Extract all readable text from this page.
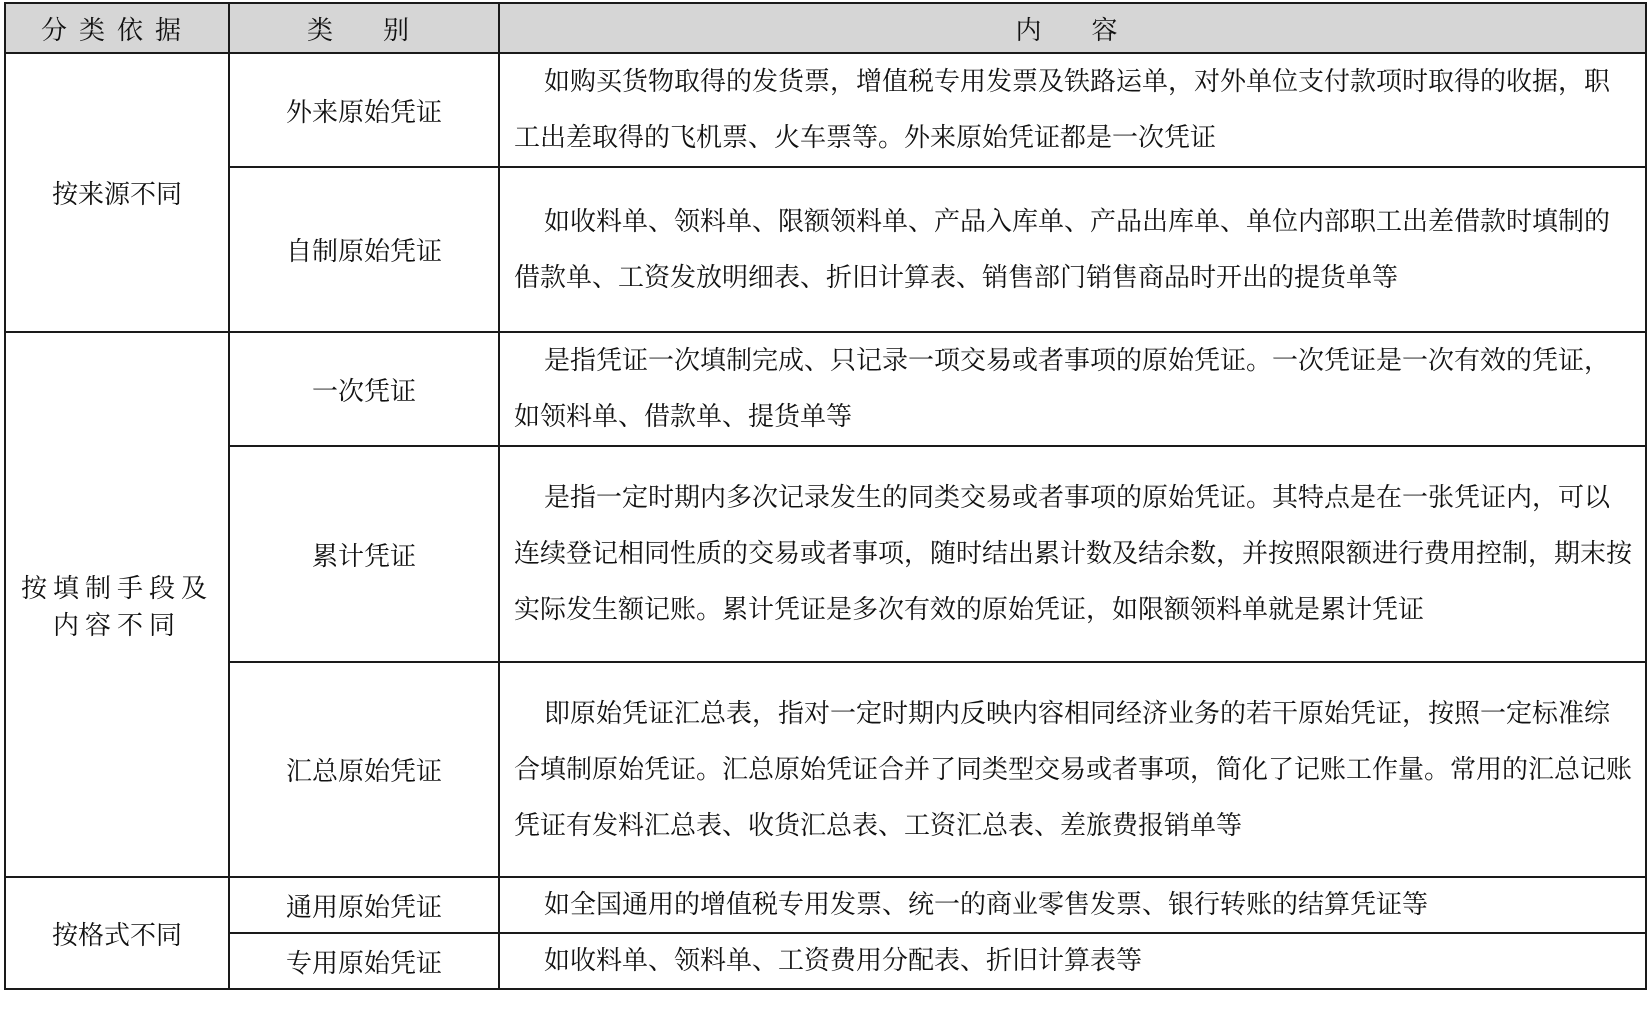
分类依据	类　别	内　容
按来源不同	外来原始凭证	如购买货物取得的发货票，增值税专用发票及铁路运单，对外单位支付款项时取得的收据，职工出差取得的飞机票、火车票等。外来原始凭证都是一次凭证
	自制原始凭证	如收料单、领料单、限额领料单、产品入库单、产品出库单、单位内部职工出差借款时填制的借款单、工资发放明细表、折旧计算表、销售部门销售商品时开出的提货单等
按填制手段及内容不同	一次凭证	是指凭证一次填制完成、只记录一项交易或者事项的原始凭证。一次凭证是一次有效的凭证，如领料单、借款单、提货单等
	累计凭证	是指一定时期内多次记录发生的同类交易或者事项的原始凭证。其特点是在一张凭证内，可以连续登记相同性质的交易或者事项，随时结出累计数及结余数，并按照限额进行费用控制，期末按实际发生额记账。累计凭证是多次有效的原始凭证，如限额领料单就是累计凭证
	汇总原始凭证	即原始凭证汇总表，指对一定时期内反映内容相同经济业务的若干原始凭证，按照一定标准综合填制原始凭证。汇总原始凭证合并了同类型交易或者事项，简化了记账工作量。常用的汇总记账凭证有发料汇总表、收货汇总表、工资汇总表、差旅费报销单等
按格式不同	通用原始凭证	如全国通用的增值税专用发票、统一的商业零售发票、银行转账的结算凭证等
	专用原始凭证	如收料单、领料单、工资费用分配表、折旧计算表等
